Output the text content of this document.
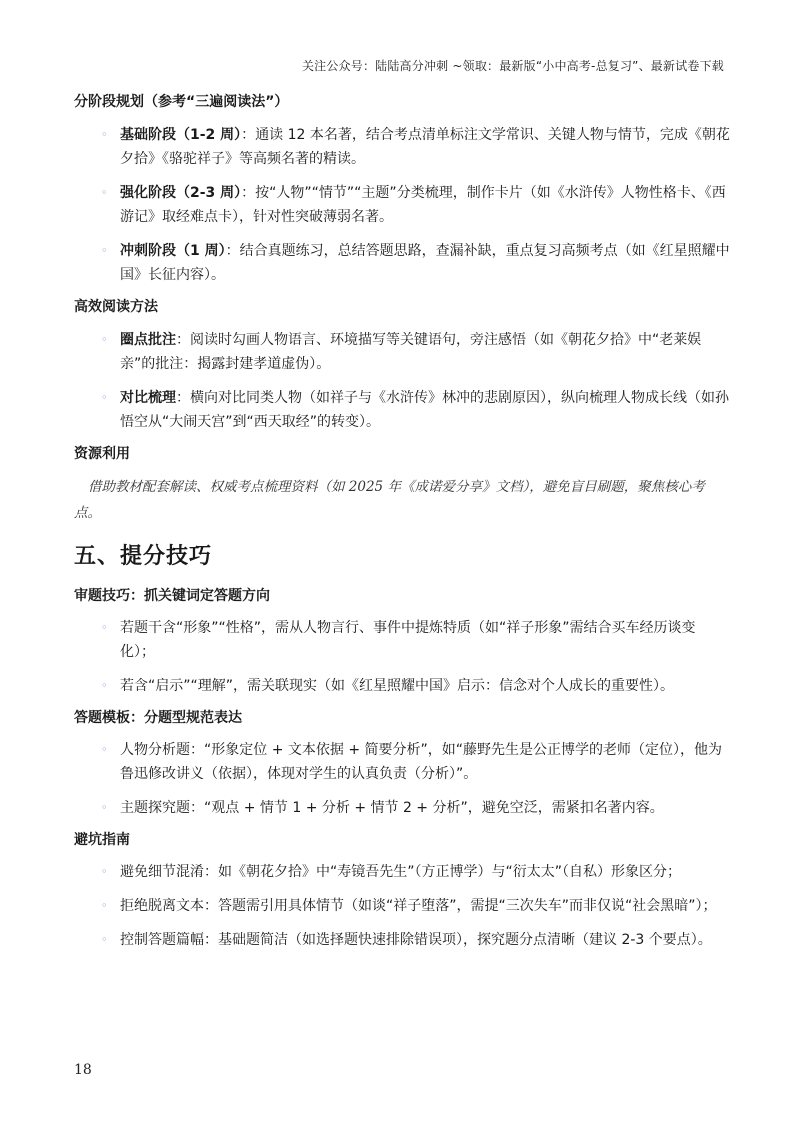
关注公众号：陆陆高分冲刺 ~领取：最新版“小中高考-总复习”、最新试卷下载
分阶段规划（参考“三遍阅读法”）
◦ 基础阶段（1-2 周）：通读 12 本名著，结合考点清单标注文学常识、关键人物与情节，完成《朝花夕拾》《骆驼祥子》等高频名著的精读。
◦ 强化阶段（2-3 周）：按“人物”“情节”“主题”分类梳理，制作卡片（如《水浒传》人物性格卡、《西游记》取经难点卡），针对性突破薄弱名著。
◦ 冲刺阶段（1 周）：结合真题练习，总结答题思路，查漏补缺，重点复习高频考点（如《红星照耀中国》长征内容）。
高效阅读方法
◦ 圈点批注：阅读时勾画人物语言、环境描写等关键语句，旁注感悟（如《朝花夕拾》中“老莱娱亲”的批注：揭露封建孝道虚伪）。
◦ 对比梳理：横向对比同类人物（如祥子与《水浒传》林冲的悲剧原因），纵向梳理人物成长线（如孙悟空从“大闹天宫”到“西天取经”的转变）。
资源利用

借助教材配套解读、权威考点梳理资料（如 2025 年《成诺爱分享》文档），避免盲目刷题，聚焦核心考点。

五、提分技巧
审题技巧：抓关键词定答题方向
◦ 若题干含“形象”“性格”，需从人物言行、事件中提炼特质（如“祥子形象”需结合买车经历谈变化）；
◦ 若含“启示”“理解”，需关联现实（如《红星照耀中国》启示：信念对个人成长的重要性）。
答题模板：分题型规范表达
◦ 人物分析题：“形象定位 + 文本依据 + 简要分析”，如“藤野先生是公正博学的老师（定位），他为鲁迅修改讲义（依据），体现对学生的认真负责（分析）”。
◦ 主题探究题：“观点 + 情节 1 + 分析 + 情节 2 + 分析”，避免空泛，需紧扣名著内容。
避坑指南
◦ 避免细节混淆：如《朝花夕拾》中“寿镜吾先生”（方正博学）与“衍太太”（自私）形象区分；
◦ 拒绝脱离文本：答题需引用具体情节（如谈“祥子堕落”，需提“三次失车”而非仅说“社会黑暗”）；
◦ 控制答题篇幅：基础题简洁（如选择题快速排除错误项），探究题分点清晰（建议 2-3 个要点）。
18
